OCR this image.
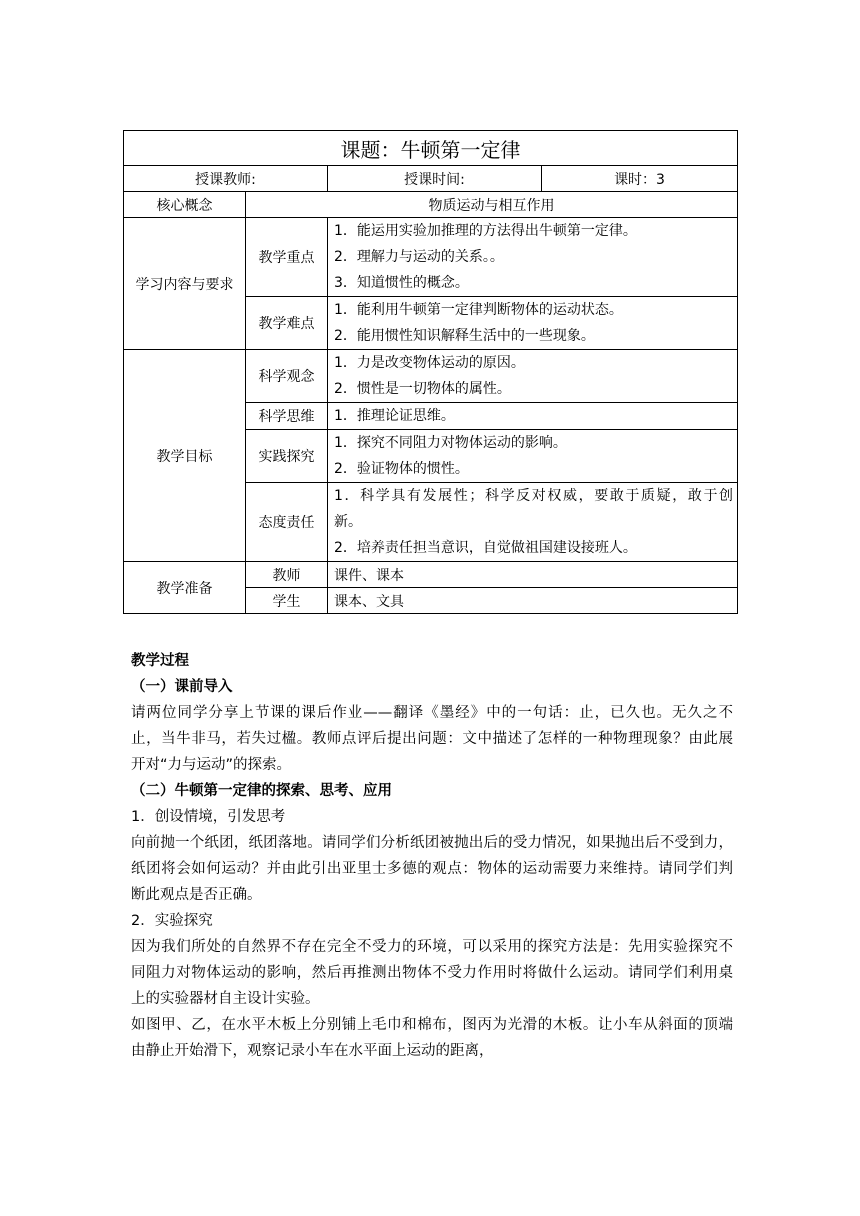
课题：牛顿第一定律			
授课教师:		授课时间:	课时：3
核心概念	物质运动与相互作用		
学习内容与要求	教学重点	1．能运用实验加推理的方法得出牛顿第一定律。
2．理解力与运动的关系。。
3．知道惯性的概念。	

	教学难点	1．能利用牛顿第一定律判断物体的运动状态。
2．能用惯性知识解释生活中的一些现象。	

教学目标	科学观念	1．力是改变物体运动的原因。
2．惯性是一切物体的属性。	

	科学思维	1．推理论证思维。	

	实践探究	1．探究不同阻力对物体运动的影响。
2．验证物体的惯性。	

	态度责任	1．科学具有发展性；科学反对权威，要敢于质疑，敢于创
新。
2．培养责任担当意识，自觉做祖国建设接班人。	

教学准备	教师	课件、课本	
	学生	课本、文具	
教学过程
（一）课前导入
请两位同学分享上节课的课后作业——翻译《墨经》中的一句话：止，已久也。无久之不
止，当牛非马，若失过楹。教师点评后提出问题：文中描述了怎样的一种物理现象？由此展
开对“力与运动”的探索。
（二）牛顿第一定律的探索、思考、应用
1．创设情境，引发思考
向前抛一个纸团，纸团落地。请同学们分析纸团被抛出后的受力情况，如果抛出后不受到力，
纸团将会如何运动？并由此引出亚里士多德的观点：物体的运动需要力来维持。请同学们判
断此观点是否正确。
2．实验探究
因为我们所处的自然界不存在完全不受力的环境，可以采用的探究方法是：先用实验探究不
同阻力对物体运动的影响，然后再推测出物体不受力作用时将做什么运动。请同学们利用桌
上的实验器材自主设计实验。
如图甲、乙，在水平木板上分别铺上毛巾和棉布，图丙为光滑的木板。让小车从斜面的顶端
由静止开始滑下，观察记录小车在水平面上运动的距离，
